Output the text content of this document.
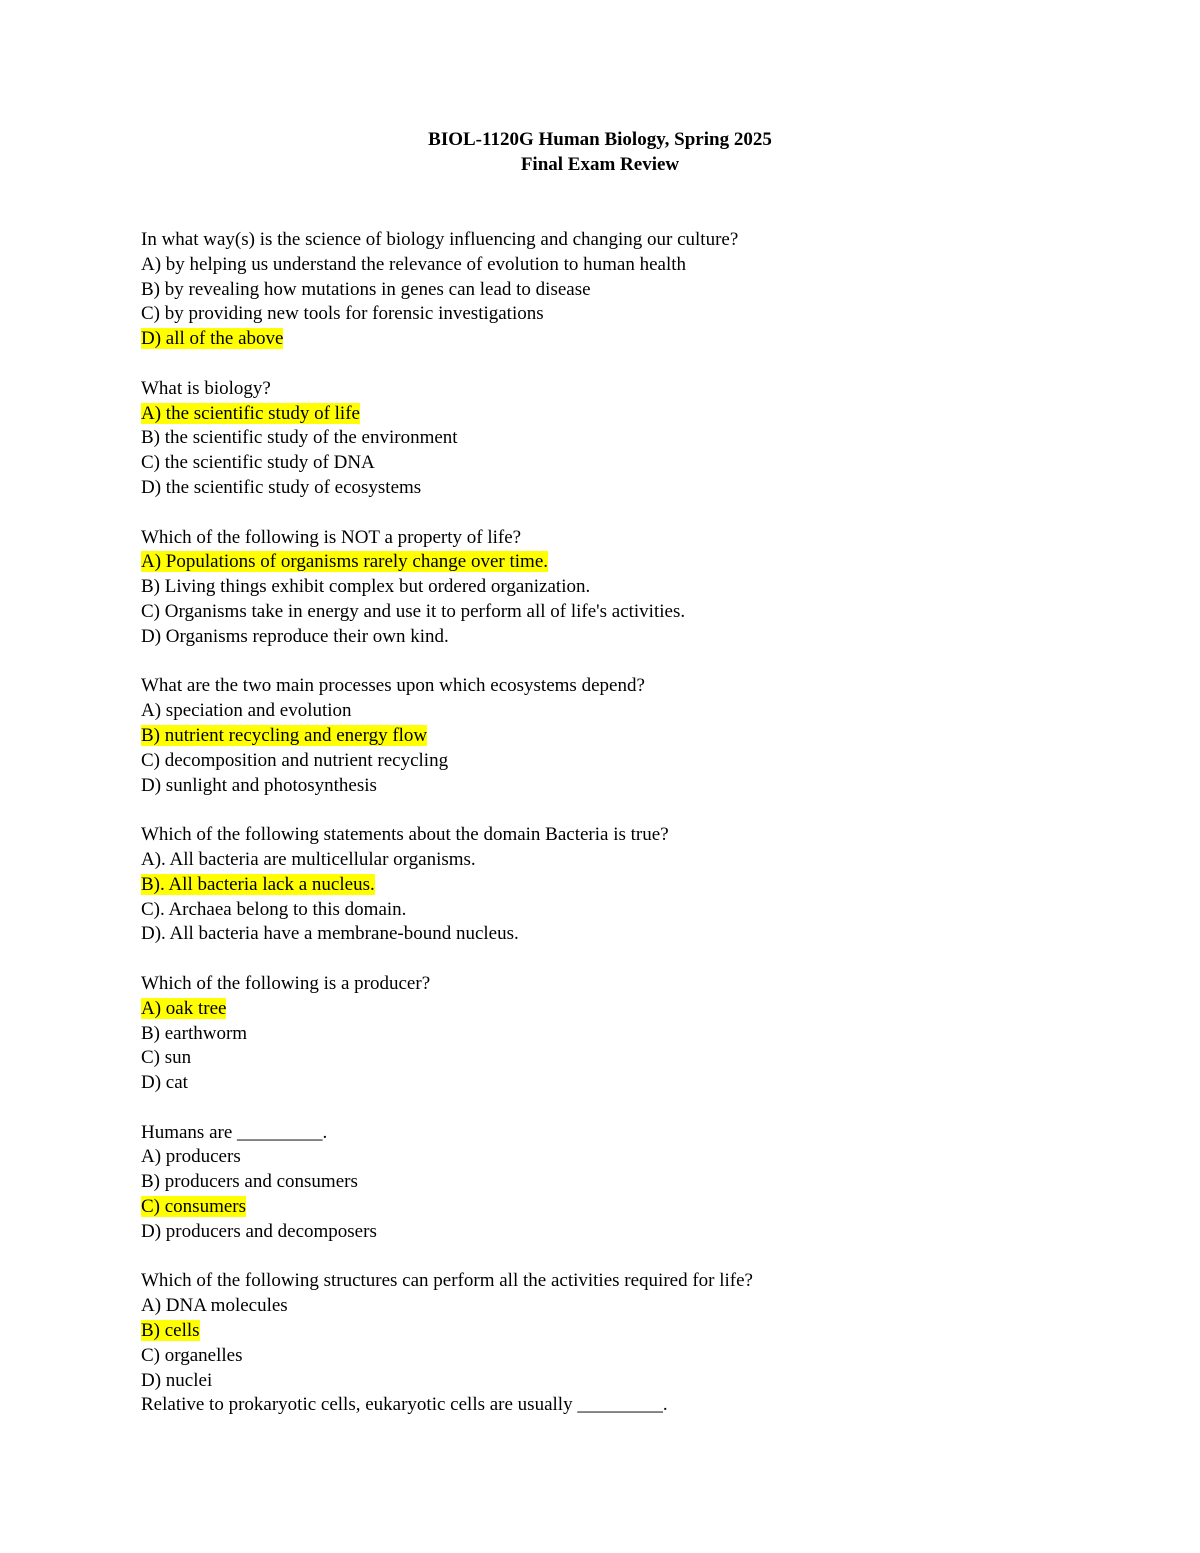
BIOL-1120G Human Biology, Spring 2025
Final Exam Review
In what way(s) is the science of biology influencing and changing our culture?
A) by helping us understand the relevance of evolution to human health
B) by revealing how mutations in genes can lead to disease
C) by providing new tools for forensic investigations
D) all of the above
What is biology?
A) the scientific study of life
B) the scientific study of the environment
C) the scientific study of DNA
D) the scientific study of ecosystems
Which of the following is NOT a property of life?
A) Populations of organisms rarely change over time.
B) Living things exhibit complex but ordered organization.
C) Organisms take in energy and use it to perform all of life's activities.
D) Organisms reproduce their own kind.
What are the two main processes upon which ecosystems depend?
A) speciation and evolution
B) nutrient recycling and energy flow
C) decomposition and nutrient recycling
D) sunlight and photosynthesis
Which of the following statements about the domain Bacteria is true?
A). All bacteria are multicellular organisms.
B). All bacteria lack a nucleus.
C). Archaea belong to this domain.
D). All bacteria have a membrane-bound nucleus.
Which of the following is a producer?
A) oak tree
B) earthworm
C) sun
D) cat
Humans are _________.
A) producers
B) producers and consumers
C) consumers
D) producers and decomposers
Which of the following structures can perform all the activities required for life?
A) DNA molecules
B) cells
C) organelles
D) nuclei
Relative to prokaryotic cells, eukaryotic cells are usually _________.
